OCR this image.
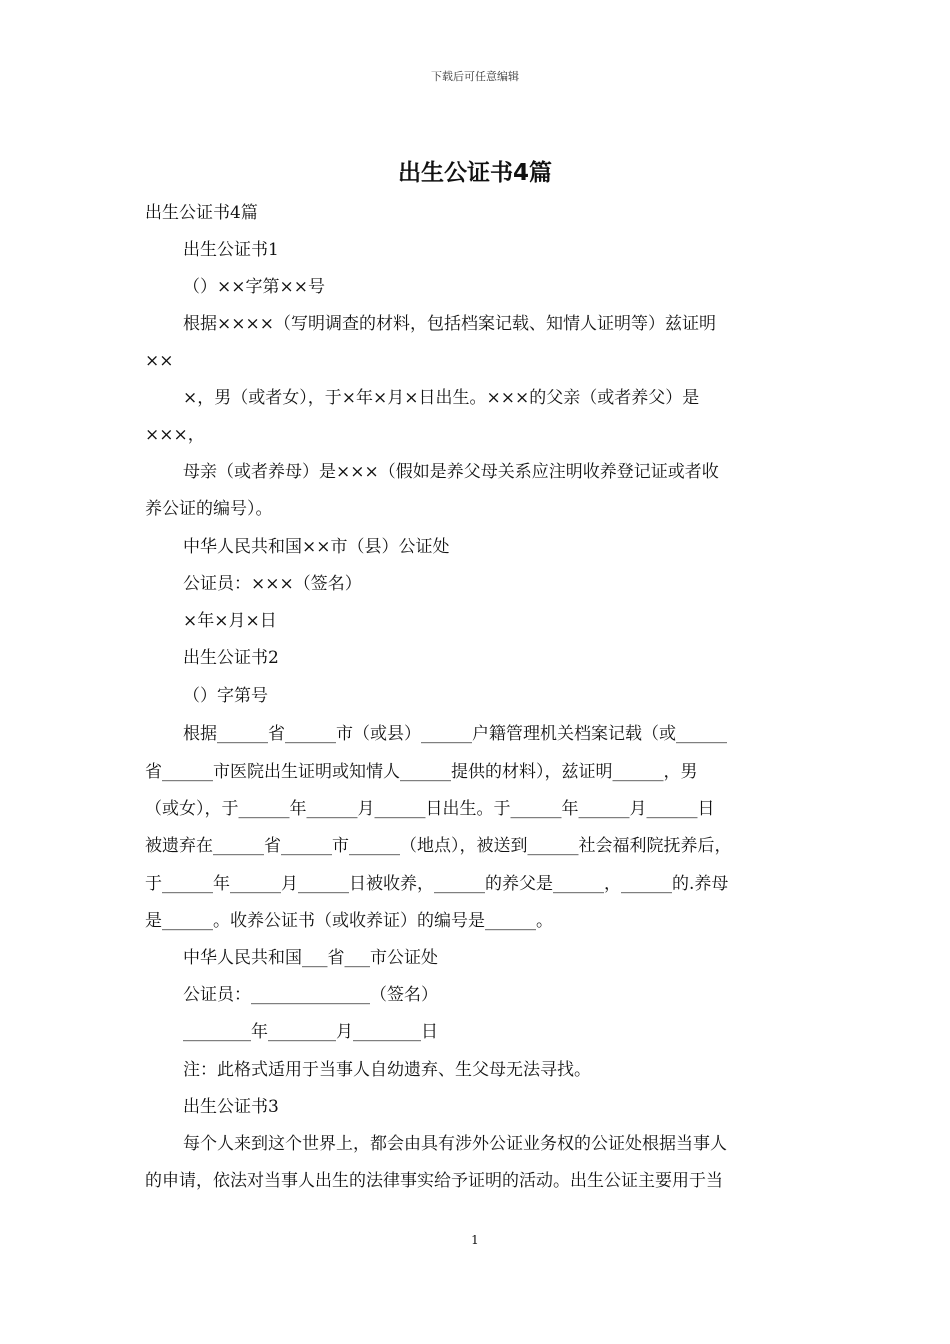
下载后可任意编辑
出生公证书4篇
出生公证书4篇
出生公证书1
（）××字第××号
根据××××（写明调查的材料，包括档案记载、知情人证明等）兹证明
××
×，男（或者女），于×年×月×日出生。×××的父亲（或者养父）是
×××，
母亲（或者养母）是×××（假如是养父母关系应注明收养登记证或者收
养公证的编号）。
中华人民共和国××市（县）公证处
公证员：×××（签名）
×年×月×日
出生公证书2
（）字第号
根据______省______市（或县）______户籍管理机关档案记载（或______
省______市医院出生证明或知情人______提供的材料），兹证明______，男
（或女），于______年______月______日出生。于______年______月______日
被遗弃在______省______市______（地点），被送到______社会福利院抚养后，
于______年______月______日被收养，______的养父是______，______的.养母
是______。收养公证书（或收养证）的编号是______。
中华人民共和国___省___市公证处
公证员：______________（签名）
________年________月________日
注：此格式适用于当事人自幼遗弃、生父母无法寻找。
出生公证书3
每个人来到这个世界上，都会由具有涉外公证业务权的公证处根据当事人
的申请，依法对当事人出生的法律事实给予证明的活动。出生公证主要用于当
1
